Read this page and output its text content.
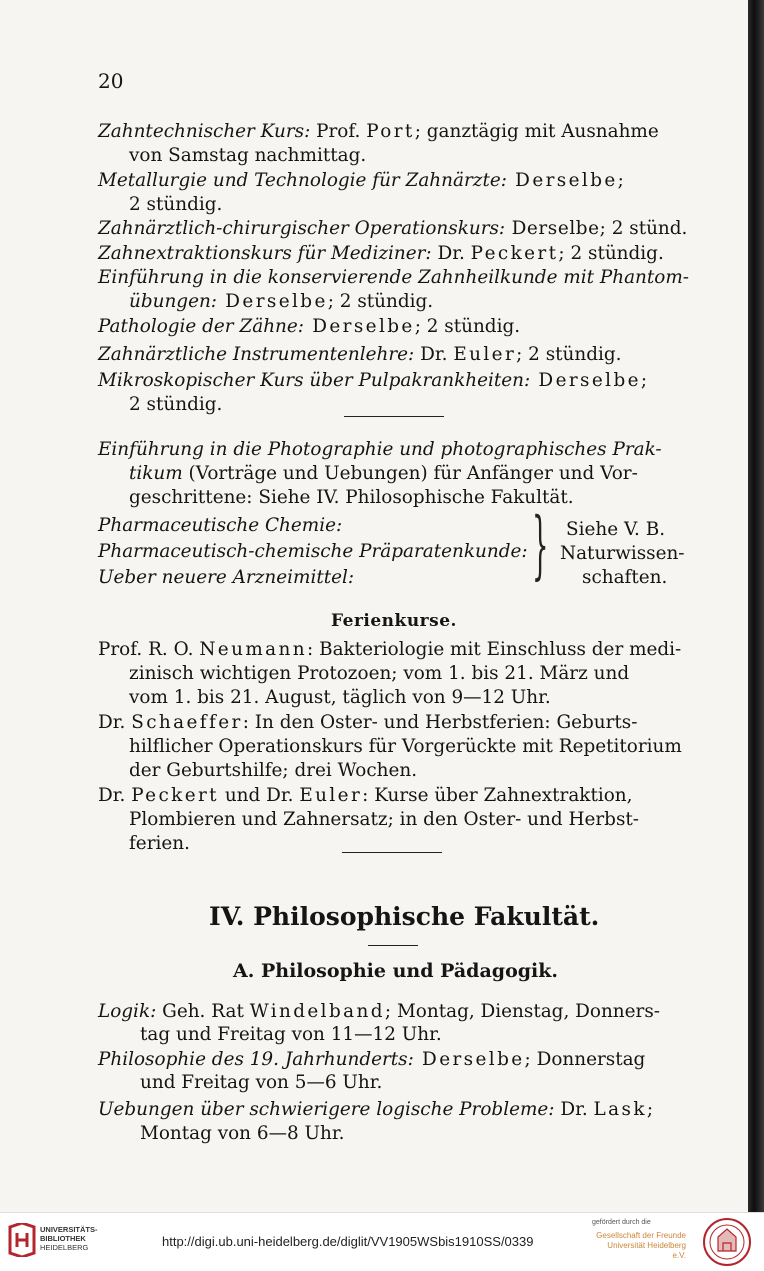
20
Zahntechnischer Kurs: Prof. Port; ganztägig mit Ausnahme
von Samstag nachmittag.
Metallurgie und Technologie für Zahnärzte: Derselbe;
2 stündig.
Zahnärztlich-chirurgischer Operationskurs: Derselbe; 2 stünd.
Zahnextraktionskurs für Mediziner: Dr. Peckert; 2 stündig.
Einführung in die konservierende Zahnheilkunde mit Phantom-
übungen: Derselbe; 2 stündig.
Pathologie der Zähne: Derselbe; 2 stündig.
Zahnärztliche Instrumentenlehre: Dr. Euler; 2 stündig.
Mikroskopischer Kurs über Pulpakrankheiten: Derselbe;
2 stündig.
Einführung in die Photographie und photographisches Prak-
tikum (Vorträge und Uebungen) für Anfänger und Vor-
geschrittene: Siehe IV. Philosophische Fakultät.
Pharmaceutische Chemie:
Pharmaceutisch-chemische Präparatenkunde:
Ueber neuere Arzneimittel: } Siehe V. B.
Naturwissen-
schaften.
Ferienkurse.
Prof. R. O. Neumann: Bakteriologie mit Einschluss der medi-
zinisch wichtigen Protozoen; vom 1. bis 21. März und
vom 1. bis 21. August, täglich von 9—12 Uhr.
Dr. Schaeffer: In den Oster- und Herbstferien: Geburts-
hilflicher Operationskurs für Vorgerückte mit Repetitorium
der Geburtshilfe; drei Wochen.
Dr. Peckert und Dr. Euler: Kurse über Zahnextraktion,
Plombieren und Zahnersatz; in den Oster- und Herbst-
ferien.
IV. Philosophische Fakultät.
A. Philosophie und Pädagogik.
Logik: Geh. Rat Windelband; Montag, Dienstag, Donners-
tag und Freitag von 11—12 Uhr.
Philosophie des 19. Jahrhunderts: Derselbe; Donnerstag
und Freitag von 5—6 Uhr.
Uebungen über schwierigere logische Probleme: Dr. Lask;
Montag von 6—8 Uhr.
UNIVERSITÄTS-
BIBLIOTHEK
HEIDELBERG	http://digi.ub.uni-heidelberg.de/diglit/VV1905WSbis1910SS/0339
gefördert durch die
Gesellschaft der Freunde
Universität Heidelberg e.V.
